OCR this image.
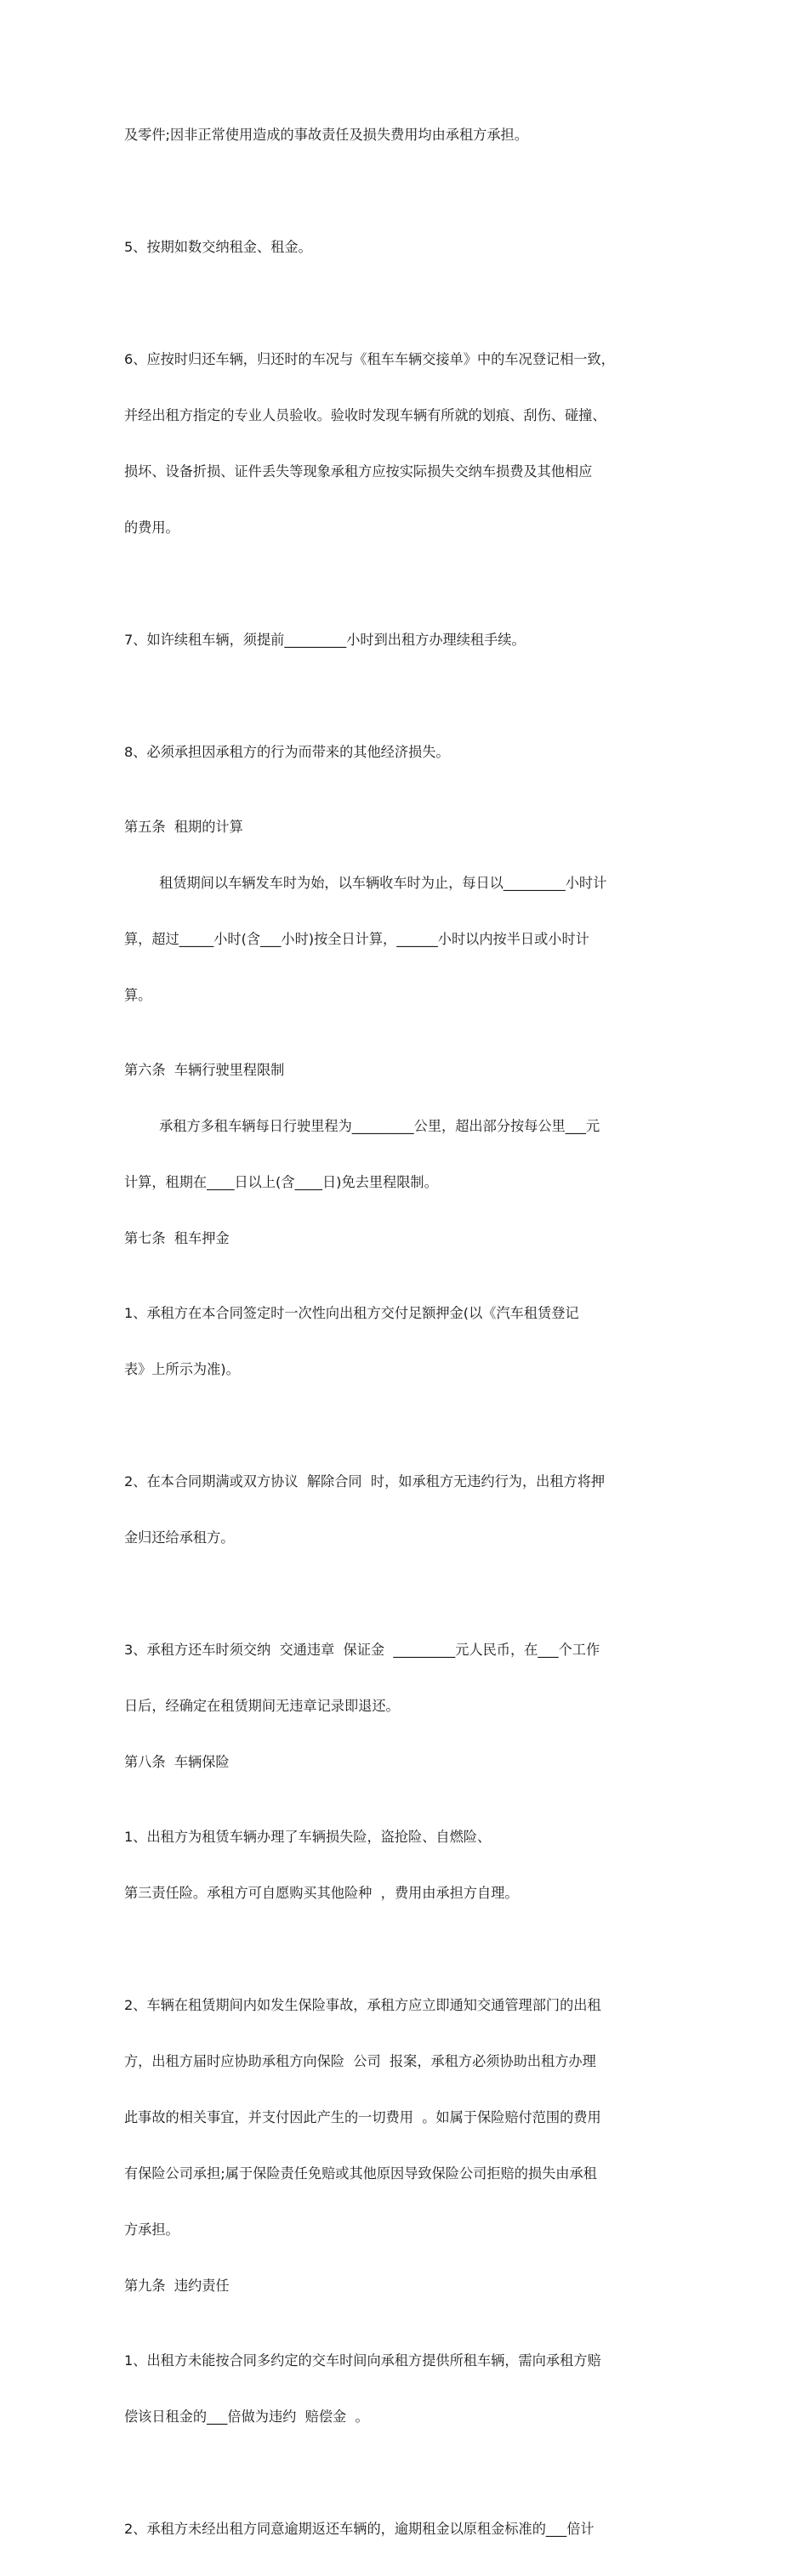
及零件;因非正常使用造成的事故责任及损失费用均由承租方承担。

5、按期如数交纳租金、租金。

6、应按时归还车辆，归还时的车况与《租车车辆交接单》中的车况登记相一致，

并经出租方指定的专业人员验收。验收时发现车辆有所就的划痕、刮伤、碰撞、

损坏、设备折损、证件丢失等现象承租方应按实际损失交纳车损费及其他相应

的费用。

7、如许续租车辆，须提前_________小时到出租方办理续租手续。

8、必须承担因承租方的行为而带来的其他经济损失。

第五条  租期的计算

租赁期间以车辆发车时为始，以车辆收车时为止，每日以_________小时计

算，超过_____小时(含___小时)按全日计算，______小时以内按半日或小时计

算。

第六条  车辆行驶里程限制

承租方多租车辆每日行驶里程为_________公里，超出部分按每公里___元

计算，租期在____日以上(含____日)免去里程限制。

第七条  租车押金

1、承租方在本合同签定时一次性向出租方交付足额押金(以《汽车租赁登记

表》上所示为准)。

2、在本合同期满或双方协议  解除合同  时，如承租方无违约行为，出租方将押

金归还给承租方。

3、承租方还车时须交纳  交通违章  保证金  _________元人民币，在___个工作

日后，经确定在租赁期间无违章记录即退还。

第八条  车辆保险

1、出租方为租赁车辆办理了车辆损失险，盗抢险、自燃险、

第三责任险。承租方可自愿购买其他险种  ，费用由承担方自理。

2、车辆在租赁期间内如发生保险事故，承租方应立即通知交通管理部门的出租

方，出租方届时应协助承租方向保险  公司  报案，承租方必须协助出租方办理

此事故的相关事宜，并支付因此产生的一切费用  。如属于保险赔付范围的费用

有保险公司承担;属于保险责任免赔或其他原因导致保险公司拒赔的损失由承租

方承担。

第九条  违约责任

1、出租方未能按合同多约定的交车时间向承租方提供所租车辆，需向承租方赔

偿该日租金的___倍做为违约  赔偿金  。

2、承租方未经出租方同意逾期返还车辆的，逾期租金以原租金标准的___倍计
